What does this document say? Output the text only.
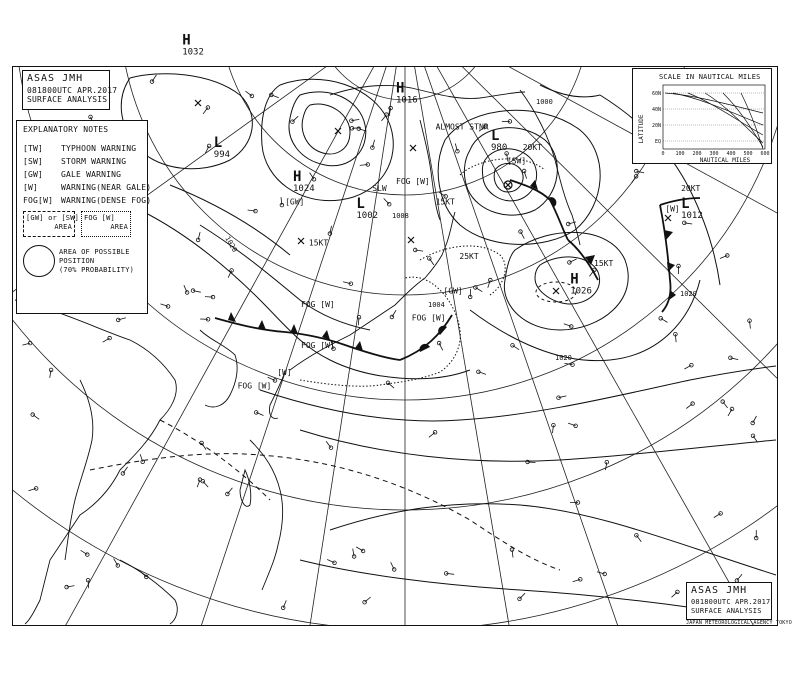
L
994
L
1002
L
980
H
1026
H
1024
L
1012
H
1016
H
1032
FOG [W]
[SW]
[GW]
FOG [W]
FOG [W]
[GW]
FOG [W]
FOG [W]
[W]
[W]
15KT
25KT
15KT
20KT
15KT
20KT
SLW
ALMOST STNR
1020
1020
1004
1020
1008
1000
ASAS JMH
081800UTC APR.2017
SURFACE ANALYSIS
EXPLANATORY NOTES
[TW] TYPHOON WARNING
[SW] STORM WARNING
[GW] GALE WARNING
[W]	WARNING(NEAR GALE)
FOG[W] WARNING(DENSE FOG)
[GW] or [SW]
AREA
FOG [W]
AREA
AREA OF POSSIBLE
POSITION
(70% PROBABILITY)
SCALE IN NAUTICAL MILES
LATITUDE
60N
40N
20N
EQ
0 100 200 300 400 500 600
NAUTICAL MILES
ASAS JMH
081800UTC APR.2017
SURFACE ANALYSIS
JAPAN METEOROLOGICAL AGENCY TOKYO
